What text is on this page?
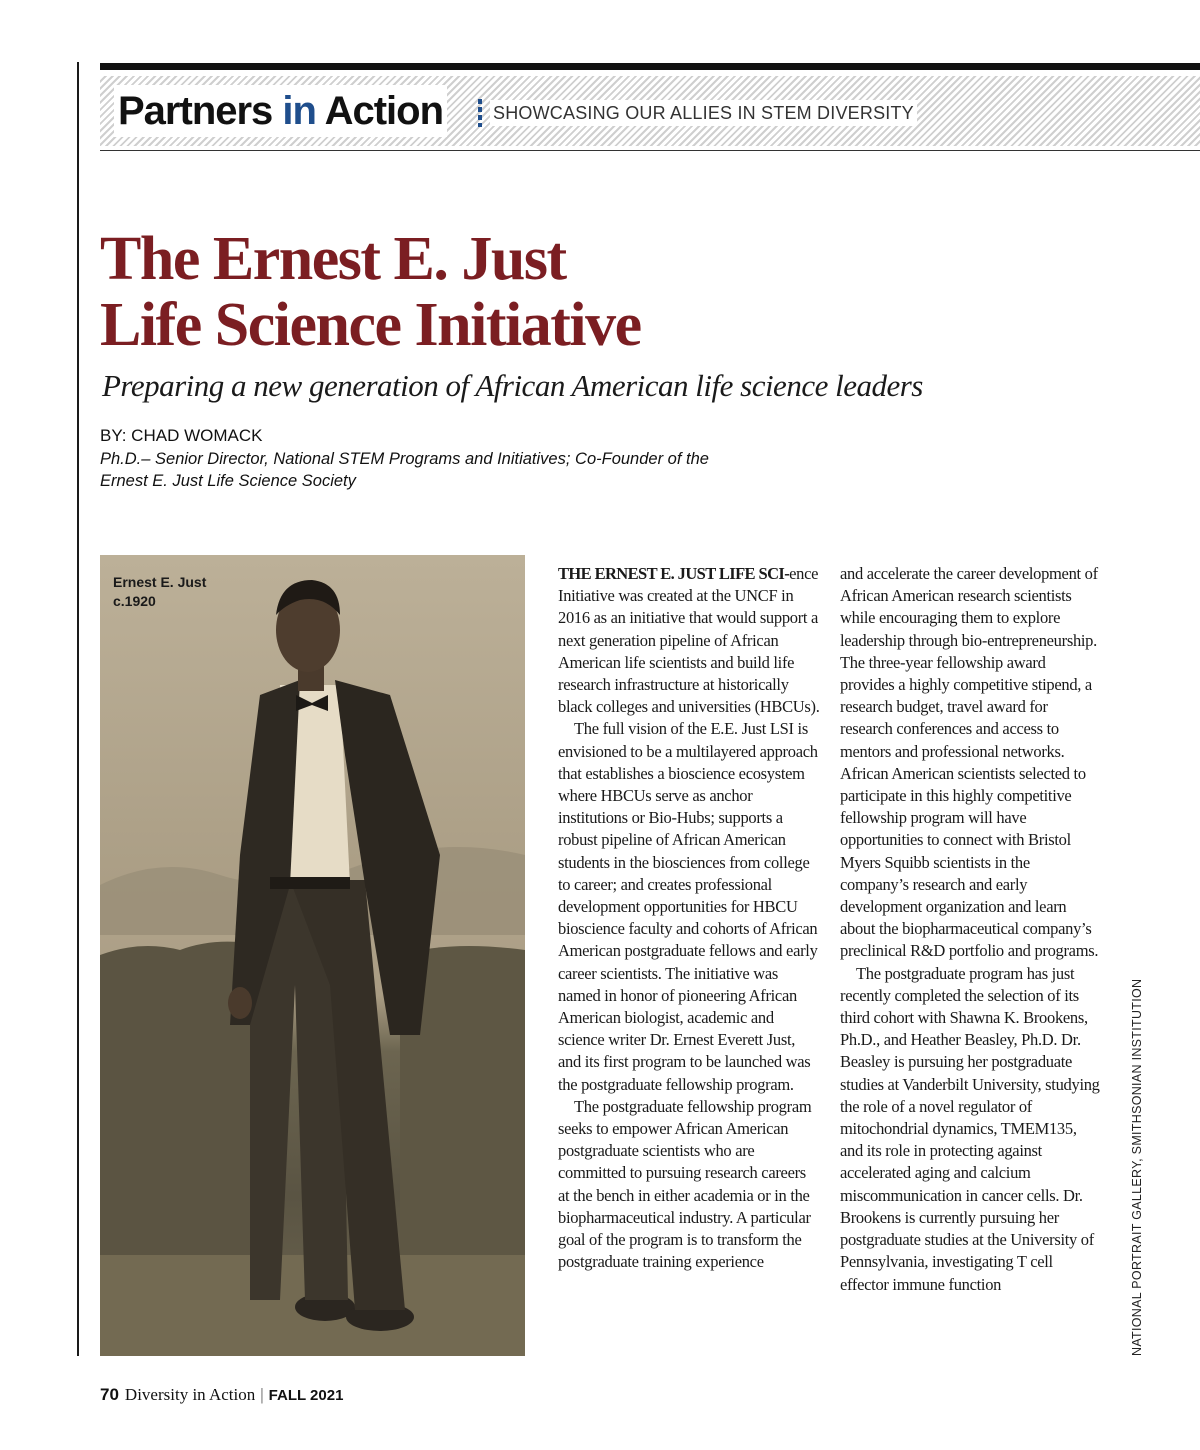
Partners in Action	SHOWCASING OUR ALLIES IN STEM DIVERSITY
The Ernest E. Just
Life Science Initiative
Preparing a new generation of African American life science leaders
BY: CHAD WOMACK
Ph.D.– Senior Director, National STEM Programs and Initiatives; Co-Founder of the Ernest E. Just Life Science Society
Ernest E. Just
c.1920

THE ERNEST E. JUST LIFE SCI-ence Initiative was created at the UNCF in 2016 as an initiative that would support a next generation pipeline of African American life scientists and build life research infrastructure at historically black colleges and universities (HBCUs).

The full vision of the E.E. Just LSI is envisioned to be a multilayered approach that establishes a bioscience ecosystem where HBCUs serve as anchor institutions or Bio-Hubs; supports a robust pipeline of African American students in the biosciences from college to career; and creates professional development opportunities for HBCU bioscience faculty and cohorts of African American postgraduate fellows and early career scientists. The initiative was named in honor of pioneering African American biologist, academic and science writer Dr. Ernest Everett Just, and its first program to be launched was the postgraduate fellowship program.

The postgraduate fellowship program seeks to empower African American postgraduate scientists who are committed to pursuing research careers at the bench in either academia or in the biopharmaceutical industry. A particular goal of the program is to transform the postgraduate training experience

and accelerate the career development of African American research scientists while encouraging them to explore leadership through bio-entrepreneurship. The three-year fellowship award provides a highly competitive stipend, a research budget, travel award for research conferences and access to mentors and professional networks. African American scientists selected to participate in this highly competitive fellowship program will have opportunities to connect with Bristol Myers Squibb scientists in the company’s research and early development organization and learn about the biopharmaceutical company’s preclinical R&D portfolio and programs.

The postgraduate program has just recently completed the selection of its third cohort with Shawna K. Brookens, Ph.D., and Heather Beasley, Ph.D. Dr. Beasley is pursuing her postgraduate studies at Vanderbilt University, studying the role of a novel regulator of mitochondrial dynamics, TMEM135, and its role in protecting against accelerated aging and calcium miscommunication in cancer cells. Dr. Brookens is currently pursuing her postgraduate studies at the University of Pennsylvania, investigating T cell effector immune function	NATIONAL PORTRAIT GALLERY, SMITHSONIAN INSTITUTION
70 Diversity in Action | FALL 2021
